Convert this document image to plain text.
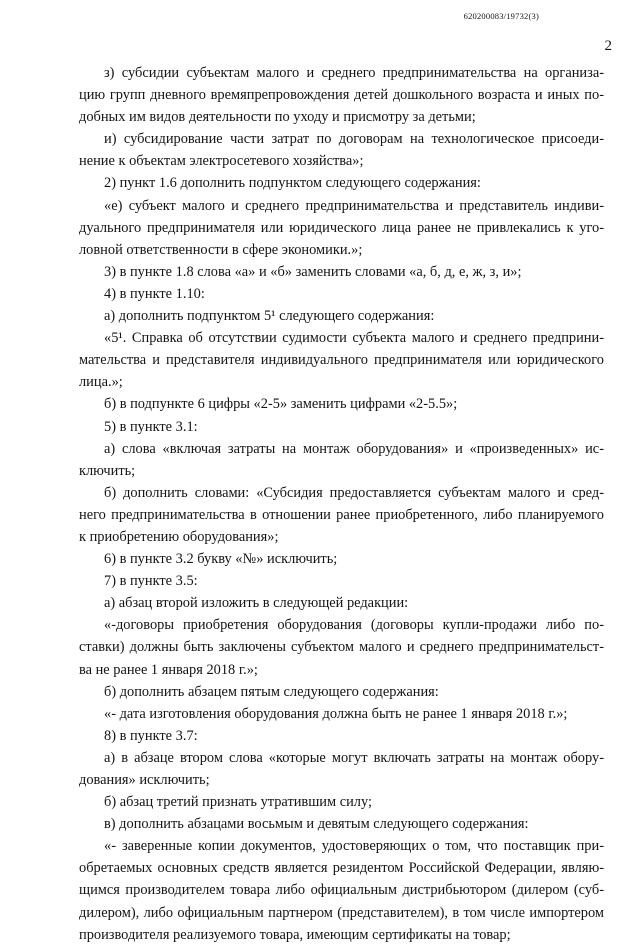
620200083/19732(3)

2

з) субсидии субъектам малого и среднего предпринимательства на организа-
цию групп дневного времяпрепровождения детей дошкольного возраста и иных по-
добных им видов деятельности по уходу и присмотру за детьми;
и) субсидирование части затрат по договорам на технологическое присоеди-
нение к объектам электросетевого хозяйства»;
2) пункт 1.6 дополнить подпунктом следующего содержания:
«е) субъект малого и среднего предпринимательства и представитель индиви-
дуального предпринимателя или юридического лица ранее не привлекались к уго-
ловной ответственности в сфере экономики.»;
3) в пункте 1.8 слова «а» и «б» заменить словами «а, б, д, е, ж, з, и»;
4) в пункте 1.10:
а) дополнить подпунктом 5¹ следующего содержания:
«5¹. Справка об отсутствии судимости субъекта малого и среднего предприни-
мательства и представителя индивидуального предпринимателя или юридического
лица.»;
б) в подпункте 6 цифры «2-5» заменить цифрами «2-5.5»;
5) в пункте 3.1:
а) слова «включая затраты на монтаж оборудования» и «произведенных» ис-
ключить;
б) дополнить словами: «Субсидия предоставляется субъектам малого и сред-
него предпринимательства в отношении ранее приобретенного, либо планируемого
к приобретению оборудования»;
6) в пункте 3.2 букву «№» исключить;
7) в пункте 3.5:
а) абзац второй изложить в следующей редакции:
«-договоры приобретения оборудования (договоры купли-продажи либо по-
ставки) должны быть заключены субъектом малого и среднего предпринимательст-
ва не ранее 1 января 2018 г.»;
б) дополнить абзацем пятым следующего содержания:
«- дата изготовления оборудования должна быть не ранее 1 января 2018 г.»;
8) в пункте 3.7:
а) в абзаце втором слова «которые могут включать затраты на монтаж обору-
дования» исключить;
б) абзац третий признать утратившим силу;
в) дополнить абзацами восьмым и девятым следующего содержания:
«- заверенные копии документов, удостоверяющих о том, что поставщик при-
обретаемых основных средств является резидентом Российской Федерации, являю-
щимся производителем товара либо официальным дистрибьютором (дилером (суб-
дилером), либо официальным партнером (представителем), в том числе импортером
производителя реализуемого товара, имеющим сертификаты на товар;
